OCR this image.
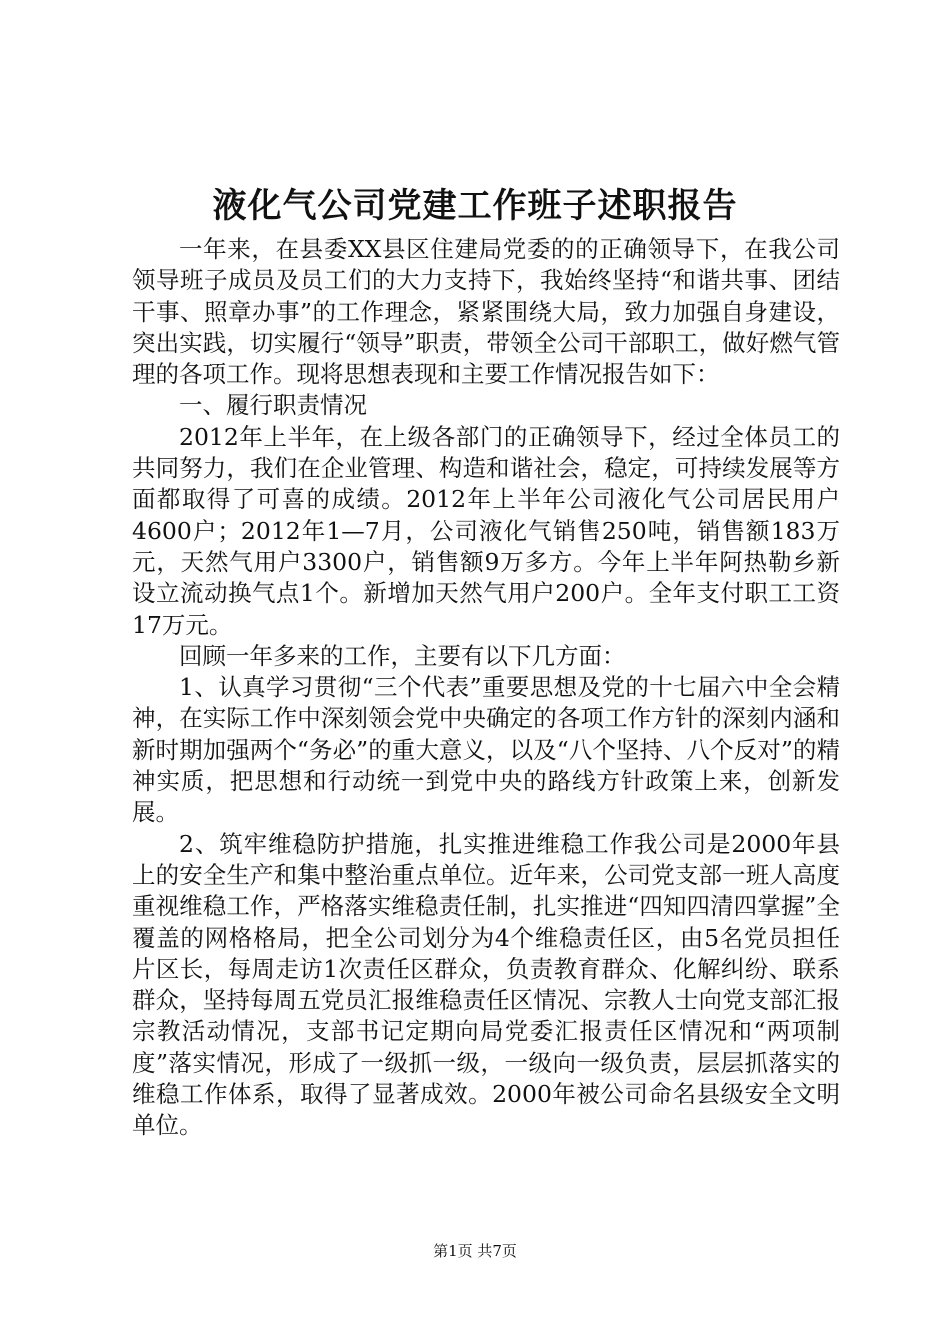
液化气公司党建工作班子述职报告

一年来，在县委XX县区住建局党委的的正确领导下，在我公司领导班子成员及员工们的大力支持下，我始终坚持“和谐共事、团结干事、照章办事”的工作理念，紧紧围绕大局，致力加强自身建设，突出实践，切实履行“领导”职责，带领全公司干部职工，做好燃气管理的各项工作。现将思想表现和主要工作情况报告如下：

一、履行职责情况

2012年上半年，在上级各部门的正确领导下，经过全体员工的共同努力，我们在企业管理、构造和谐社会，稳定，可持续发展等方面都取得了可喜的成绩。2012年上半年公司液化气公司居民用户4600户；2012年1—7月，公司液化气销售250吨，销售额183万元，天然气用户3300户，销售额9万多方。今年上半年阿热勒乡新设立流动换气点1个。新增加天然气用户200户。全年支付职工工资17万元。

回顾一年多来的工作，主要有以下几方面：

1、认真学习贯彻“三个代表”重要思想及党的十七届六中全会精神，在实际工作中深刻领会党中央确定的各项工作方针的深刻内涵和新时期加强两个“务必”的重大意义，以及“八个坚持、八个反对”的精神实质，把思想和行动统一到党中央的路线方针政策上来，创新发展。

2、筑牢维稳防护措施，扎实推进维稳工作我公司是2000年县上的安全生产和集中整治重点单位。近年来，公司党支部一班人高度重视维稳工作，严格落实维稳责任制，扎实推进“四知四清四掌握”全覆盖的网格格局，把全公司划分为4个维稳责任区，由5名党员担任片区长，每周走访1次责任区群众，负责教育群众、化解纠纷、联系群众，坚持每周五党员汇报维稳责任区情况、宗教人士向党支部汇报宗教活动情况，支部书记定期向局党委汇报责任区情况和“两项制度”落实情况，形成了一级抓一级，一级向一级负责，层层抓落实的维稳工作体系，取得了显著成效。2000年被公司命名县级安全文明单位。

第1页 共7页
